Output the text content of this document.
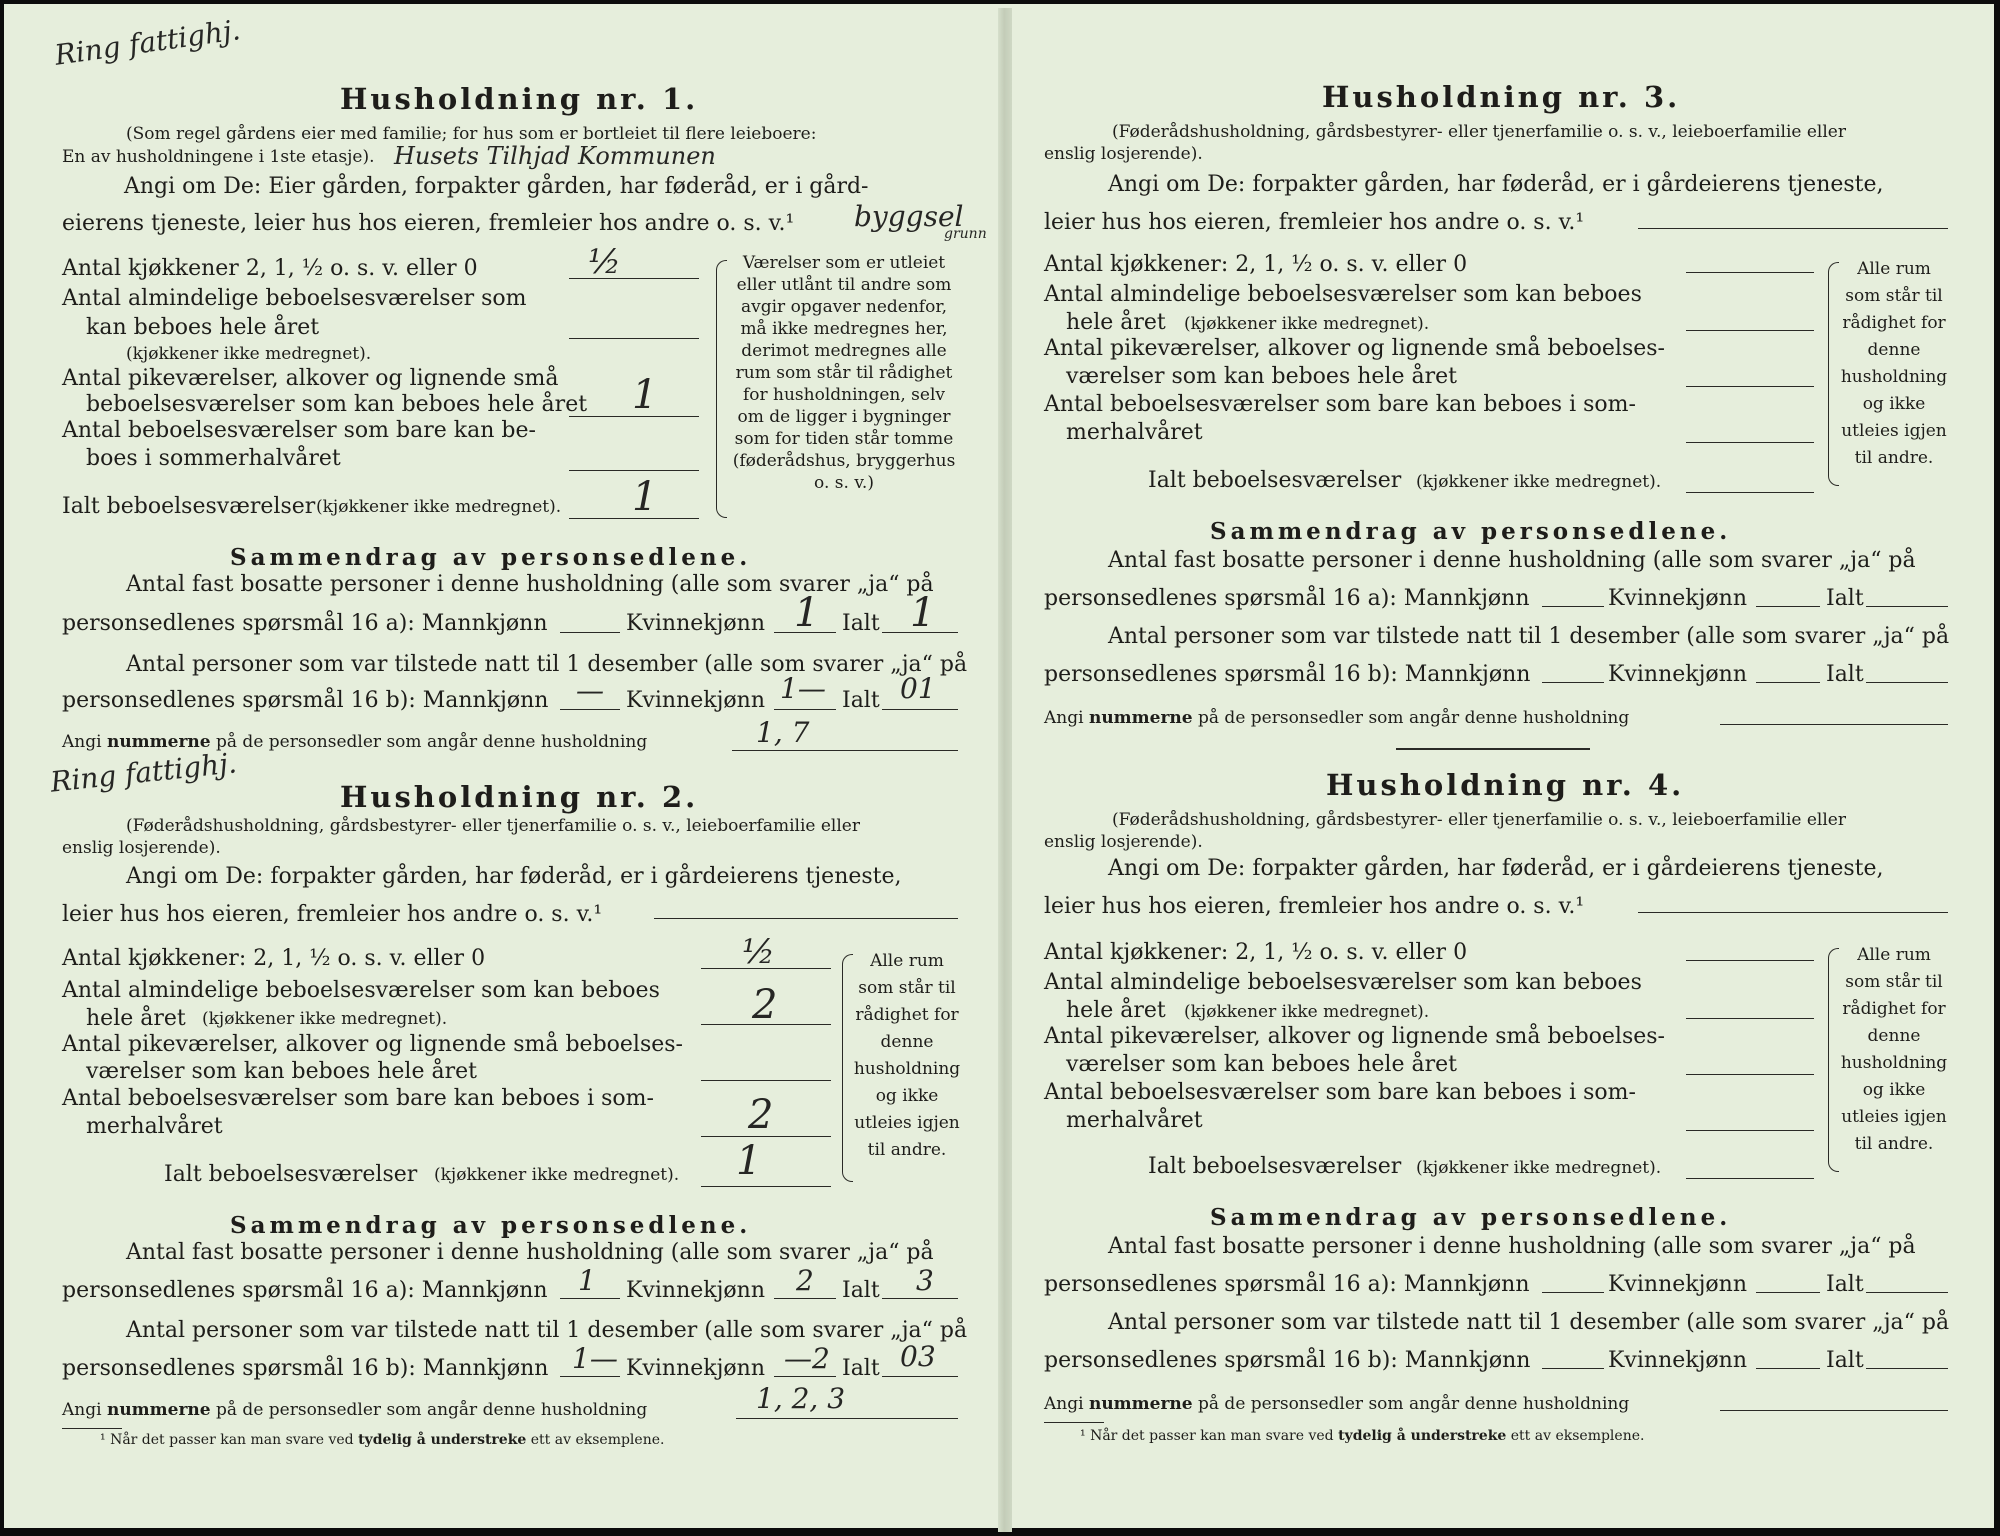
Ring fattighj.
Husholdning nr. 1.
(Som regel gårdens eier med familie; for hus som er bortleiet til flere leieboere:
En av husholdningene i 1ste etasje). Husets Tilhjad Kommunen
Angi om De: Eier gården, forpakter gården, har føderåd, er i gård-
eierens tjeneste, leier hus hos eieren, fremleier hos andre o. s. v.¹ byggsel
grunn
Antal kjøkkener 2, 1, ½ o. s. v. eller 0	½
Antal almindelige beboelsesværelser som
kan beboes hele året
(kjøkkener ikke medregnet).
Antal pikeværelser, alkover og lignende små
beboelsesværelser som kan beboes hele året 1
Antal beboelsesværelser som bare kan be-
boes i sommerhalvåret
Ialt beboelsesværelser (kjøkkener ikke medregnet). 1
Værelser som er utleiet eller utlånt til andre som avgir opgaver nedenfor, må ikke medregnes her, derimot medregnes alle rum som står til rådighet for husholdningen, selv om de ligger i bygninger som for tiden står tomme (føderådshus, bryggerhus o. s. v.)
Sammendrag av personsedlene.
Antal fast bosatte personer i denne husholdning (alle som svarer „ja“ på
personsedlenes spørsmål 16 a): Mannkjønn	Kvinnekjønn 1 Ialt 1
Antal personer som var tilstede natt til 1 desember (alle som svarer „ja“ på
personsedlenes spørsmål 16 b): Mannkjønn — Kvinnekjønn 1— Ialt 01
Angi nummerne på de personsedler som angår denne husholdning	1, 7
Ring fattighj.	Husholdning nr. 2.
(Føderådshusholdning, gårdsbestyrer- eller tjenerfamilie o. s. v., leieboerfamilie eller
enslig losjerende).
Angi om De: forpakter gården, har føderåd, er i gårdeierens tjeneste,
leier hus hos eieren, fremleier hos andre o. s. v.¹
Antal kjøkkener: 2, 1, ½ o. s. v. eller 0	½
Antal almindelige beboelsesværelser som kan beboes
hele året (kjøkkener ikke medregnet).	2
Antal pikeværelser, alkover og lignende små beboelses-
værelser som kan beboes hele året
Antal beboelsesværelser som bare kan beboes i som-
merhalvåret	2
Ialt beboelsesværelser (kjøkkener ikke medregnet). 1
Alle rum som står til rådighet for denne husholdning og ikke utleies igjen til andre.
Sammendrag av personsedlene.
Antal fast bosatte personer i denne husholdning (alle som svarer „ja“ på
personsedlenes spørsmål 16 a): Mannkjønn 1 Kvinnekjønn 2 Ialt 3
Antal personer som var tilstede natt til 1 desember (alle som svarer „ja“ på
personsedlenes spørsmål 16 b): Mannkjønn 1— Kvinnekjønn —2 Ialt 03
Angi nummerne på de personsedler som angår denne husholdning	1, 2, 3
¹ Når det passer kan man svare ved tydelig å understreke ett av eksemplene.
Husholdning nr. 3.
(Føderådshusholdning, gårdsbestyrer- eller tjenerfamilie o. s. v., leieboerfamilie eller
enslig losjerende).
Angi om De: forpakter gården, har føderåd, er i gårdeierens tjeneste,
leier hus hos eieren, fremleier hos andre o. s. v.¹
Antal kjøkkener: 2, 1, ½ o. s. v. eller 0
Antal almindelige beboelsesværelser som kan beboes
hele året (kjøkkener ikke medregnet).
Antal pikeværelser, alkover og lignende små beboelses-
værelser som kan beboes hele året
Antal beboelsesværelser som bare kan beboes i som-
merhalvåret
Ialt beboelsesværelser (kjøkkener ikke medregnet).
Alle rum som står til rådighet for denne husholdning og ikke utleies igjen til andre.
Sammendrag av personsedlene.
Antal fast bosatte personer i denne husholdning (alle som svarer „ja“ på
personsedlenes spørsmål 16 a): Mannkjønn	Kvinnekjønn	Ialt
Antal personer som var tilstede natt til 1 desember (alle som svarer „ja“ på
personsedlenes spørsmål 16 b): Mannkjønn	Kvinnekjønn	Ialt
Angi nummerne på de personsedler som angår denne husholdning
Husholdning nr. 4.
(Føderådshusholdning, gårdsbestyrer- eller tjenerfamilie o. s. v., leieboerfamilie eller
enslig losjerende).
Angi om De: forpakter gården, har føderåd, er i gårdeierens tjeneste,
leier hus hos eieren, fremleier hos andre o. s. v.¹
Antal kjøkkener: 2, 1, ½ o. s. v. eller 0
Antal almindelige beboelsesværelser som kan beboes
hele året (kjøkkener ikke medregnet).
Antal pikeværelser, alkover og lignende små beboelses-
værelser som kan beboes hele året
Antal beboelsesværelser som bare kan beboes i som-
merhalvåret
Ialt beboelsesværelser (kjøkkener ikke medregnet).
Alle rum som står til rådighet for denne husholdning og ikke utleies igjen til andre.
Sammendrag av personsedlene.
Antal fast bosatte personer i denne husholdning (alle som svarer „ja“ på
personsedlenes spørsmål 16 a): Mannkjønn	Kvinnekjønn	Ialt
Antal personer som var tilstede natt til 1 desember (alle som svarer „ja“ på
personsedlenes spørsmål 16 b): Mannkjønn	Kvinnekjønn	Ialt
Angi nummerne på de personsedler som angår denne husholdning
¹ Når det passer kan man svare ved tydelig å understreke ett av eksemplene.
